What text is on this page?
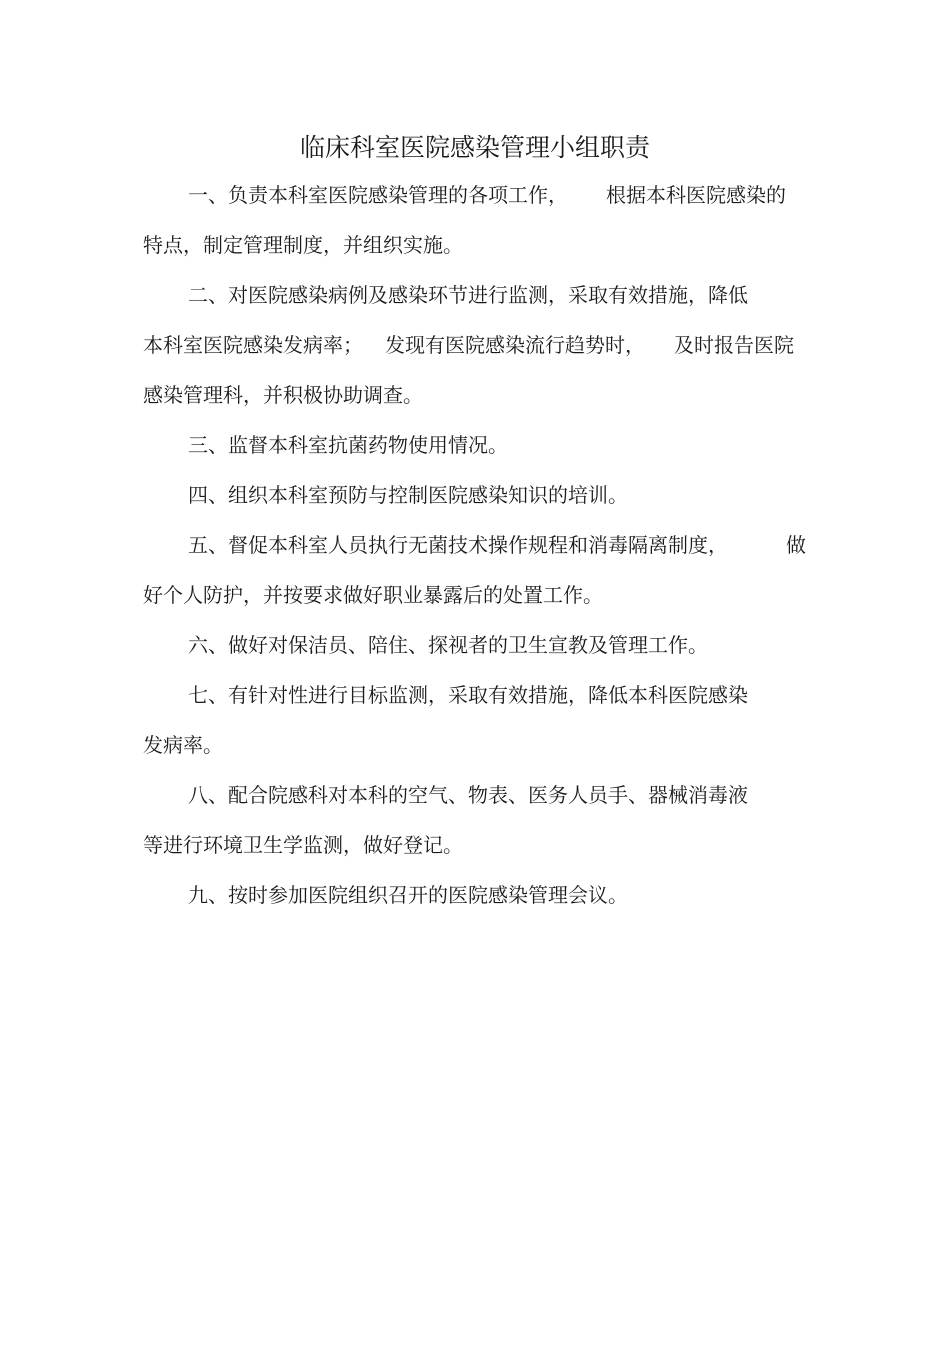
临床科室医院感染管理小组职责
一、负责本科室医院感染管理的各项工作， 根据本科医院感染的
特点，制定管理制度，并组织实施。
二、对医院感染病例及感染环节进行监测，采取有效措施，降低
本科室医院感染发病率； 发现有医院感染流行趋势时， 及时报告医院
感染管理科，并积极协助调查。
三、监督本科室抗菌药物使用情况。
四、组织本科室预防与控制医院感染知识的培训。
五、督促本科室人员执行无菌技术操作规程和消毒隔离制度，	做
好个人防护，并按要求做好职业暴露后的处置工作。
六、做好对保洁员、陪住、探视者的卫生宣教及管理工作。
七、有针对性进行目标监测，采取有效措施，降低本科医院感染
发病率。
八、配合院感科对本科的空气、物表、医务人员手、器械消毒液
等进行环境卫生学监测，做好登记。
九、按时参加医院组织召开的医院感染管理会议。
